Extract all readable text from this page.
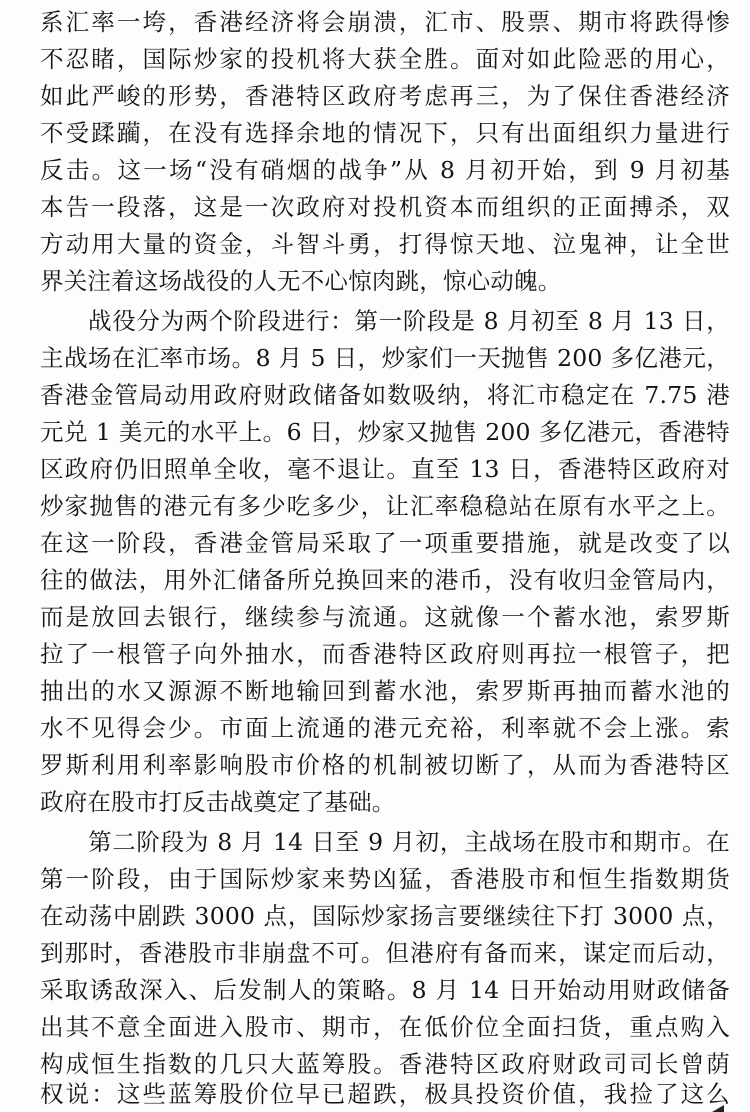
系汇率一垮，香港经济将会崩溃，汇市、股票、期市将跌得惨
不忍睹，国际炒家的投机将大获全胜。面对如此险恶的用心，
如此严峻的形势，香港特区政府考虑再三，为了保住香港经济
不受蹂躏，在没有选择余地的情况下，只有出面组织力量进行
反击。这一场“没有硝烟的战争”从 8 月初开始，到 9 月初基
本告一段落，这是一次政府对投机资本而组织的正面搏杀，双
方动用大量的资金，斗智斗勇，打得惊天地、泣鬼神，让全世
界关注着这场战役的人无不心惊肉跳，惊心动魄。
战役分为两个阶段进行：第一阶段是 8 月初至 8 月 13 日，
主战场在汇率市场。8 月 5 日，炒家们一天抛售 200 多亿港元，
香港金管局动用政府财政储备如数吸纳，将汇市稳定在 7.75 港
元兑 1 美元的水平上。6 日，炒家又抛售 200 多亿港元，香港特
区政府仍旧照单全收，毫不退让。直至 13 日，香港特区政府对
炒家抛售的港元有多少吃多少，让汇率稳稳站在原有水平之上。
在这一阶段，香港金管局采取了一项重要措施，就是改变了以
往的做法，用外汇储备所兑换回来的港币，没有收归金管局内，
而是放回去银行，继续参与流通。这就像一个蓄水池，索罗斯
拉了一根管子向外抽水，而香港特区政府则再拉一根管子，把
抽出的水又源源不断地输回到蓄水池，索罗斯再抽而蓄水池的
水不见得会少。市面上流通的港元充裕，利率就不会上涨。索
罗斯利用利率影响股市价格的机制被切断了，从而为香港特区
政府在股市打反击战奠定了基础。
第二阶段为 8 月 14 日至 9 月初，主战场在股市和期市。在
第一阶段，由于国际炒家来势凶猛，香港股市和恒生指数期货
在动荡中剧跌 3000 点，国际炒家扬言要继续往下打 3000 点，
到那时，香港股市非崩盘不可。但港府有备而来，谋定而后动，
采取诱敌深入、后发制人的策略。8 月 14 日开始动用财政储备
出其不意全面进入股市、期市，在低价位全面扫货，重点购入
构成恒生指数的几只大蓝筹股。香港特区政府财政司司长曾荫
权说：这些蓝筹股价位早已超跌，极具投资价值，我捡了这么
